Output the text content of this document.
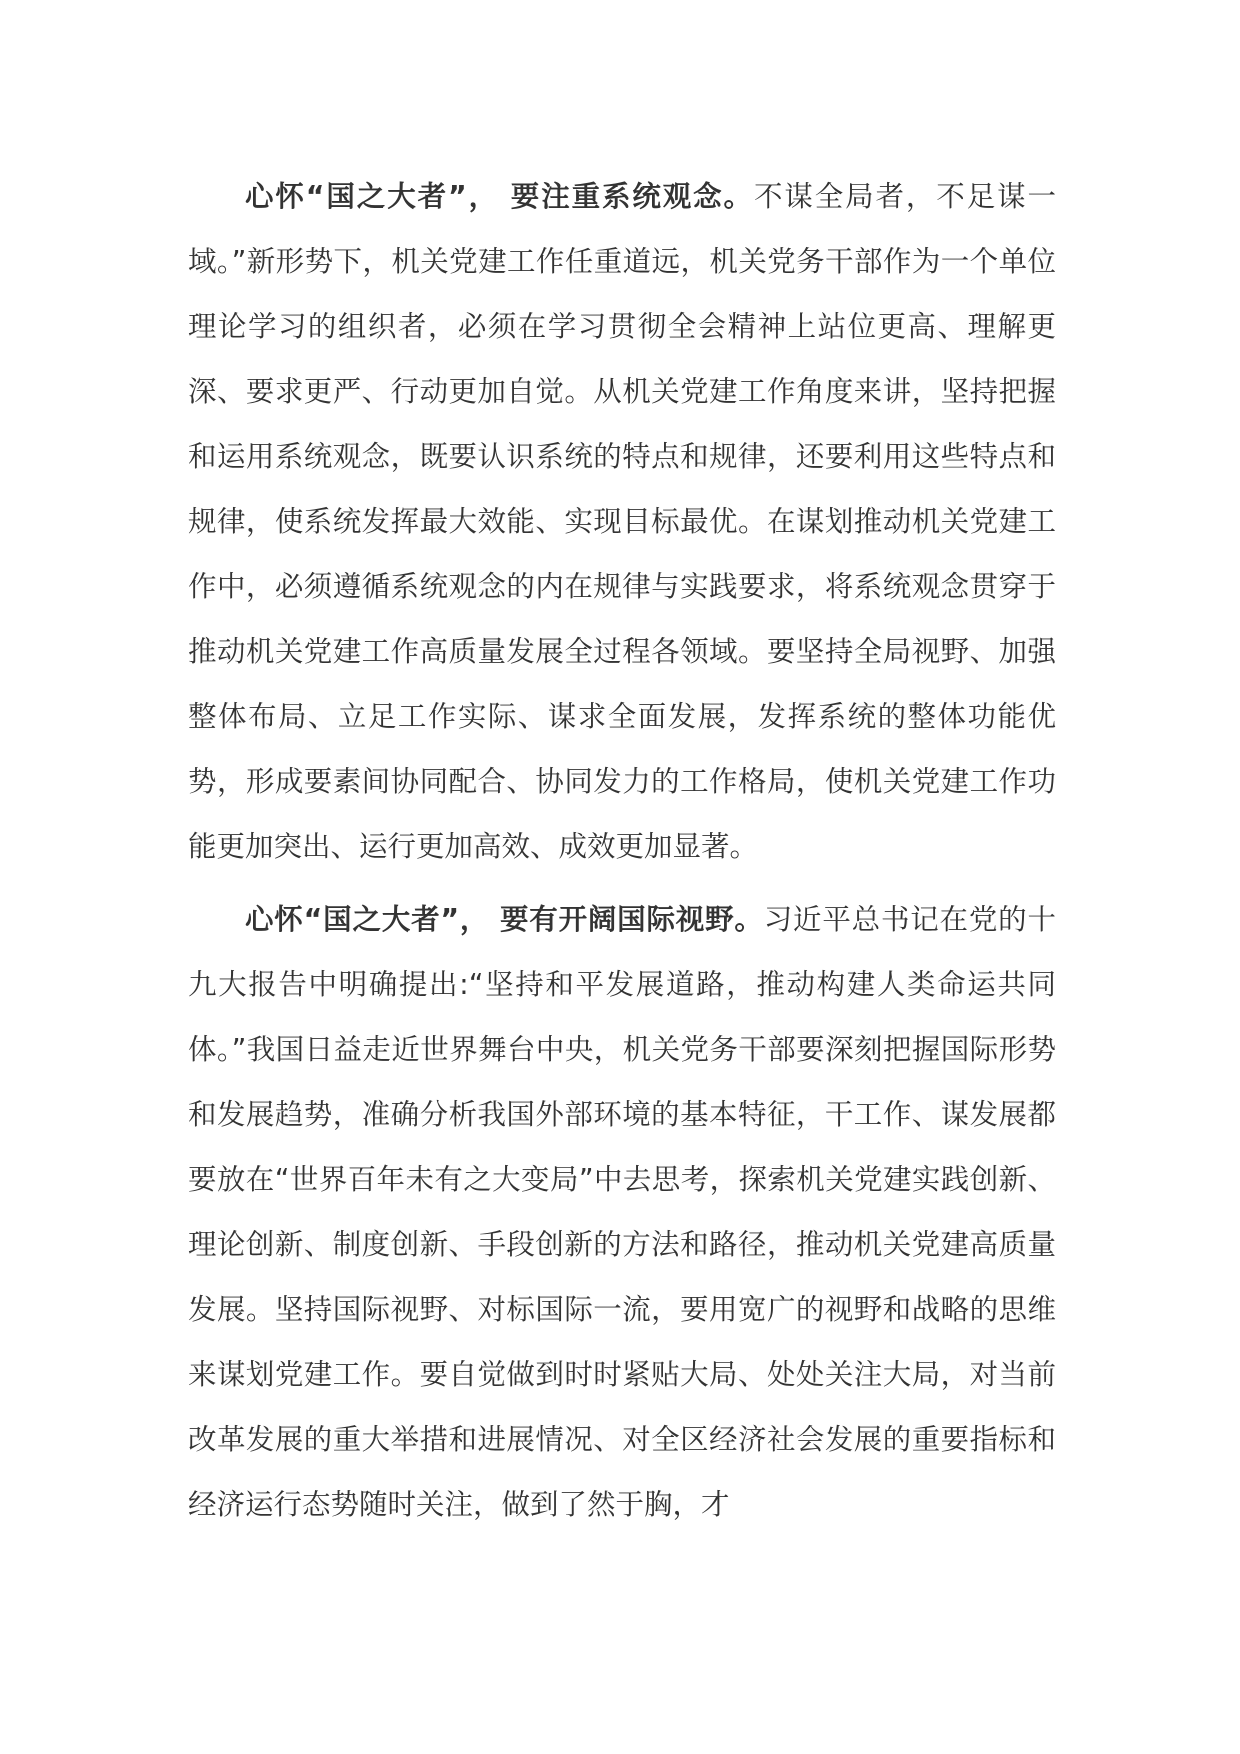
心怀“国之大者”， 要注重系统观念。不谋全局者，不足谋一域。”新形势下，机关党建工作任重道远，机关党务干部作为一个单位理论学习的组织者，必须在学习贯彻全会精神上站位更高、理解更深、要求更严、行动更加自觉。从机关党建工作角度来讲，坚持把握和运用系统观念，既要认识系统的特点和规律，还要利用这些特点和规律，使系统发挥最大效能、实现目标最优。在谋划推动机关党建工作中，必须遵循系统观念的内在规律与实践要求，将系统观念贯穿于推动机关党建工作高质量发展全过程各领域。要坚持全局视野、加强整体布局、立足工作实际、谋求全面发展，发挥系统的整体功能优势，形成要素间协同配合、协同发力的工作格局，使机关党建工作功能更加突出、运行更加高效、成效更加显著。

心怀“国之大者”， 要有开阔国际视野。习近平总书记在党的十九大报告中明确提出:“坚持和平发展道路，推动构建人类命运共同体。”我国日益走近世界舞台中央，机关党务干部要深刻把握国际形势和发展趋势，准确分析我国外部环境的基本特征，干工作、谋发展都要放在“世界百年未有之大变局”中去思考，探索机关党建实践创新、理论创新、制度创新、手段创新的方法和路径，推动机关党建高质量发展。坚持国际视野、对标国际一流，要用宽广的视野和战略的思维来谋划党建工作。要自觉做到时时紧贴大局、处处关注大局，对当前改革发展的重大举措和进展情况、对全区经济社会发展的重要指标和经济运行态势随时关注，做到了然于胸，才
